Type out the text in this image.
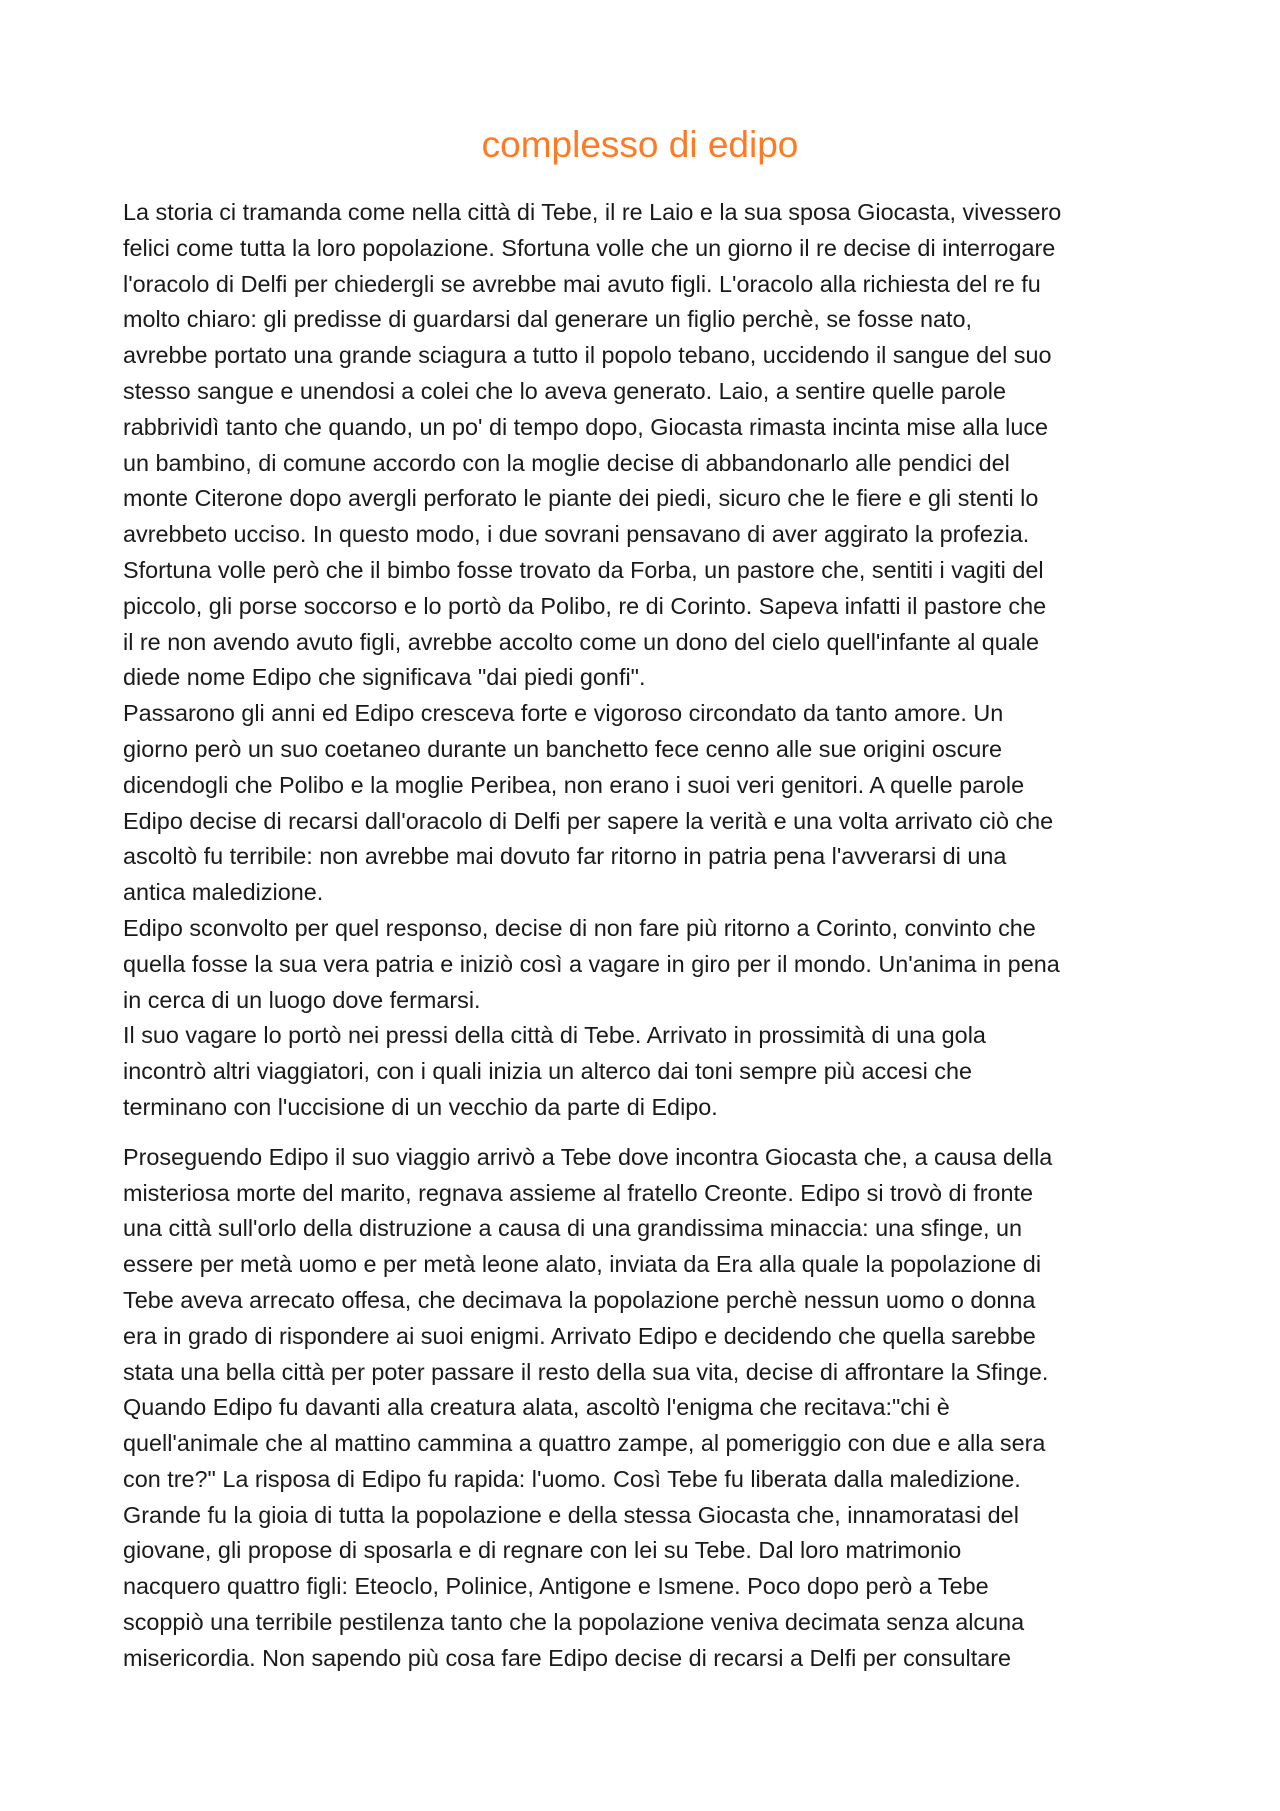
complesso di edipo
La storia ci tramanda come nella città di Tebe, il re Laio e la sua sposa Giocasta, vivessero
felici come tutta la loro popolazione. Sfortuna volle che un giorno il re decise di interrogare
l'oracolo di Delfi per chiedergli se avrebbe mai avuto figli. L'oracolo alla richiesta del re fu
molto chiaro: gli predisse di guardarsi dal generare un figlio perchè, se fosse nato,
avrebbe portato una grande sciagura a tutto il popolo tebano, uccidendo il sangue del suo
stesso sangue e unendosi a colei che lo aveva generato. Laio, a sentire quelle parole
rabbrividì tanto che quando, un po' di tempo dopo, Giocasta rimasta incinta mise alla luce
un bambino, di comune accordo con la moglie decise di abbandonarlo alle pendici del
monte Citerone dopo avergli perforato le piante dei piedi, sicuro che le fiere e gli stenti lo
avrebbeto ucciso. In questo modo, i due sovrani pensavano di aver aggirato la profezia.
Sfortuna volle però che il bimbo fosse trovato da Forba, un pastore che, sentiti i vagiti del
piccolo, gli porse soccorso e lo portò da Polibo, re di Corinto. Sapeva infatti il pastore che
il re non avendo avuto figli, avrebbe accolto come un dono del cielo quell'infante al quale
diede nome Edipo che significava "dai piedi gonfi".
Passarono gli anni ed Edipo cresceva forte e vigoroso circondato da tanto amore. Un
giorno però un suo coetaneo durante un banchetto fece cenno alle sue origini oscure
dicendogli che Polibo e la moglie Peribea, non erano i suoi veri genitori. A quelle parole
Edipo decise di recarsi dall'oracolo di Delfi per sapere la verità e una volta arrivato ciò che
ascoltò fu terribile: non avrebbe mai dovuto far ritorno in patria pena l'avverarsi di una
antica maledizione.
Edipo sconvolto per quel responso, decise di non fare più ritorno a Corinto, convinto che
quella fosse la sua vera patria e iniziò così a vagare in giro per il mondo. Un'anima in pena
in cerca di un luogo dove fermarsi.
Il suo vagare lo portò nei pressi della città di Tebe. Arrivato in prossimità di una gola
incontrò altri viaggiatori, con i quali inizia un alterco dai toni sempre più accesi che
terminano con l'uccisione di un vecchio da parte di Edipo.
Proseguendo Edipo il suo viaggio arrivò a Tebe dove incontra Giocasta che, a causa della
misteriosa morte del marito, regnava assieme al fratello Creonte. Edipo si trovò di fronte
una città sull'orlo della distruzione a causa di una grandissima minaccia: una sfinge, un
essere per metà uomo e per metà leone alato, inviata da Era alla quale la popolazione di
Tebe aveva arrecato offesa, che decimava la popolazione perchè nessun uomo o donna
era in grado di rispondere ai suoi enigmi. Arrivato Edipo e decidendo che quella sarebbe
stata una bella città per poter passare il resto della sua vita, decise di affrontare la Sfinge.
Quando Edipo fu davanti alla creatura alata, ascoltò l'enigma che recitava:"chi è
quell'animale che al mattino cammina a quattro zampe, al pomeriggio con due e alla sera
con tre?" La risposa di Edipo fu rapida: l'uomo. Così Tebe fu liberata dalla maledizione.
Grande fu la gioia di tutta la popolazione e della stessa Giocasta che, innamoratasi del
giovane, gli propose di sposarla e di regnare con lei su Tebe. Dal loro matrimonio
nacquero quattro figli: Eteoclo, Polinice, Antigone e Ismene. Poco dopo però a Tebe
scoppiò una terribile pestilenza tanto che la popolazione veniva decimata senza alcuna
misericordia. Non sapendo più cosa fare Edipo decise di recarsi a Delfi per consultare
